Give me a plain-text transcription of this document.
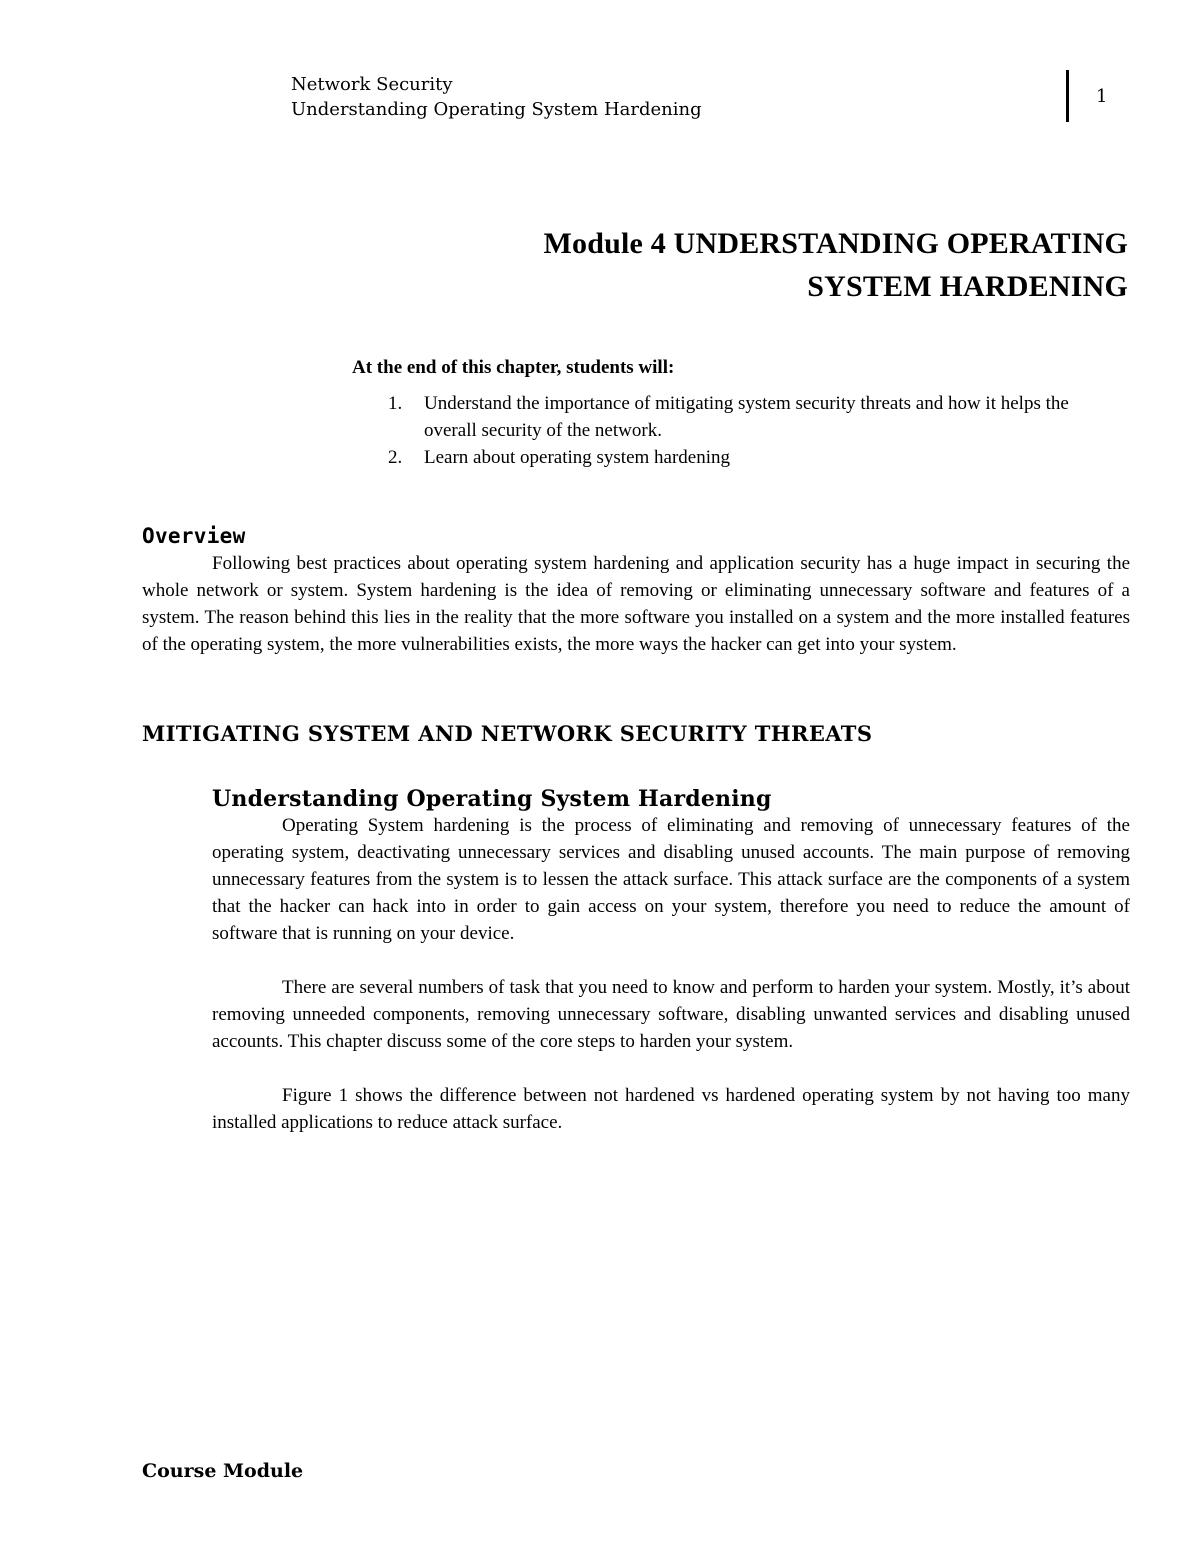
Network Security
Understanding Operating System Hardening
1
Module 4 UNDERSTANDING OPERATING
SYSTEM HARDENING

At the end of this chapter, students will:

1. Understand the importance of mitigating system security threats and how it helps the overall security of the network.
2. Learn about operating system hardening
Overview

Following best practices about operating system hardening and application security has a huge impact in securing the whole network or system. System hardening is the idea of removing or eliminating unnecessary software and features of a system. The reason behind this lies in the reality that the more software you installed on a system and the more installed features of the operating system, the more vulnerabilities exists, the more ways the hacker can get into your system.

MITIGATING SYSTEM AND NETWORK SECURITY THREATS
Understanding Operating System Hardening

Operating System hardening is the process of eliminating and removing of unnecessary features of the operating system, deactivating unnecessary services and disabling unused accounts. The main purpose of removing unnecessary features from the system is to lessen the attack surface. This attack surface are the components of a system that the hacker can hack into in order to gain access on your system, therefore you need to reduce the amount of software that is running on your device.

There are several numbers of task that you need to know and perform to harden your system. Mostly, it’s about removing unneeded components, removing unnecessary software, disabling unwanted services and disabling unused accounts. This chapter discuss some of the core steps to harden your system.

Figure 1 shows the difference between not hardened vs hardened operating system by not having too many installed applications to reduce attack surface.

Course Module
